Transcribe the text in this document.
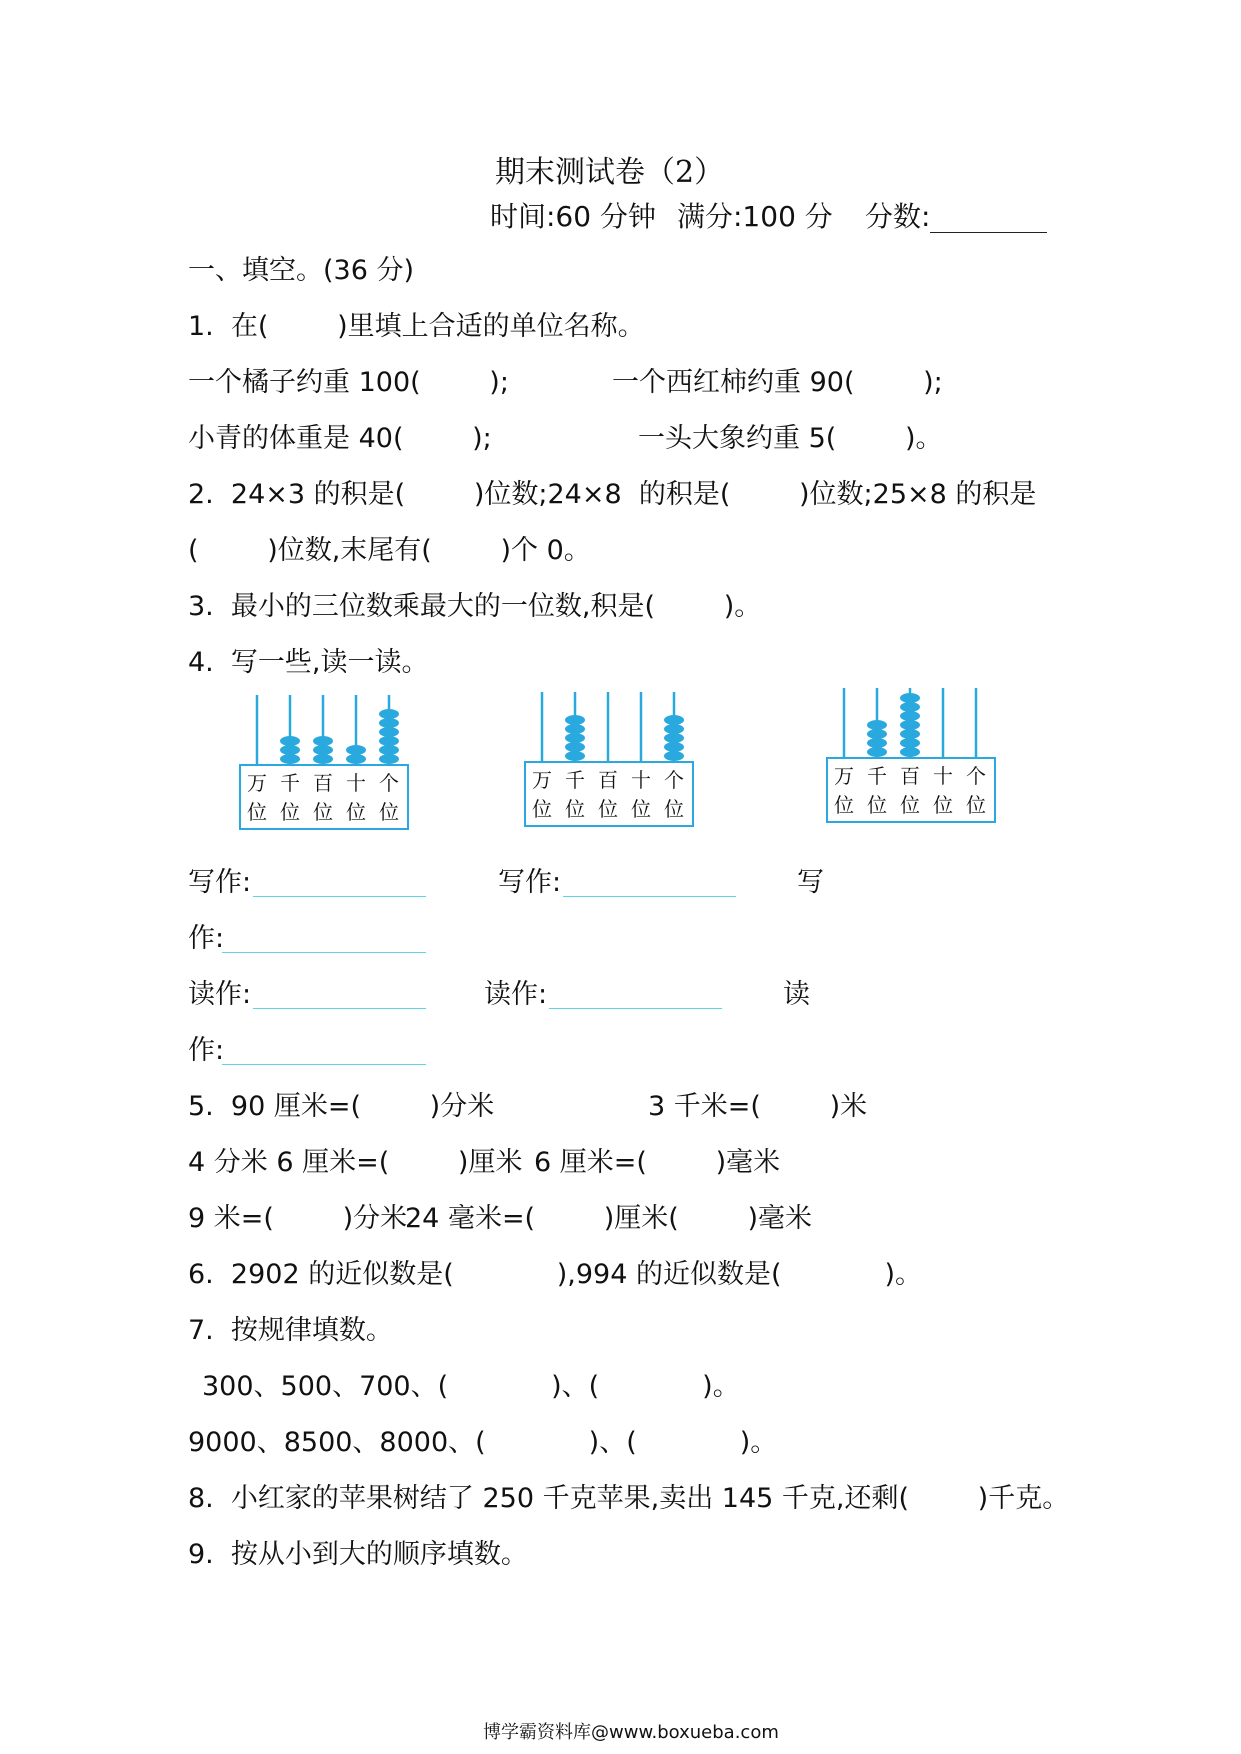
期末测试卷（2）
时间:60 分钟 满分:100 分 分数:
一、填空。(36 分)
1.  在(        )里填上合适的单位名称。
一个橘子约重 100(        );	一个西红柿约重 90(        );
小青的体重是 40(        );	一头大象约重 5(        )。
2.  24×3 的积是(        )位数;24×8  的积是(        )位数;25×8 的积是
(        )位数,末尾有(        )个 0。
3.  最小的三位数乘最大的一位数,积是(        )。
4.  写一些,读一读。
万
位
千
位
百
位
十
位
个
位
万
位
千
位
百
位
十
位
个
位
万
位
千
位
百
位
十
位
个
位
写作:	写作:	写
作:
读作:	读作:	读
作:
5.  90 厘米=(        )分米	3 千米=(        )米
4 分米 6 厘米=(        )厘米 6 厘米=(        )毫米
9 米=(        )分米
24 毫米=(        )厘米(        )毫米
6.  2902 的近似数是(            ),994 的近似数是(            )。
7.  按规律填数。
300、500、700、(            )、(            )。
9000、8500、8000、(            )、(            )。
8.  小红家的苹果树结了 250 千克苹果,卖出 145 千克,还剩(        )千克。
9.  按从小到大的顺序填数。
博学霸资料库@www.boxueba.com
